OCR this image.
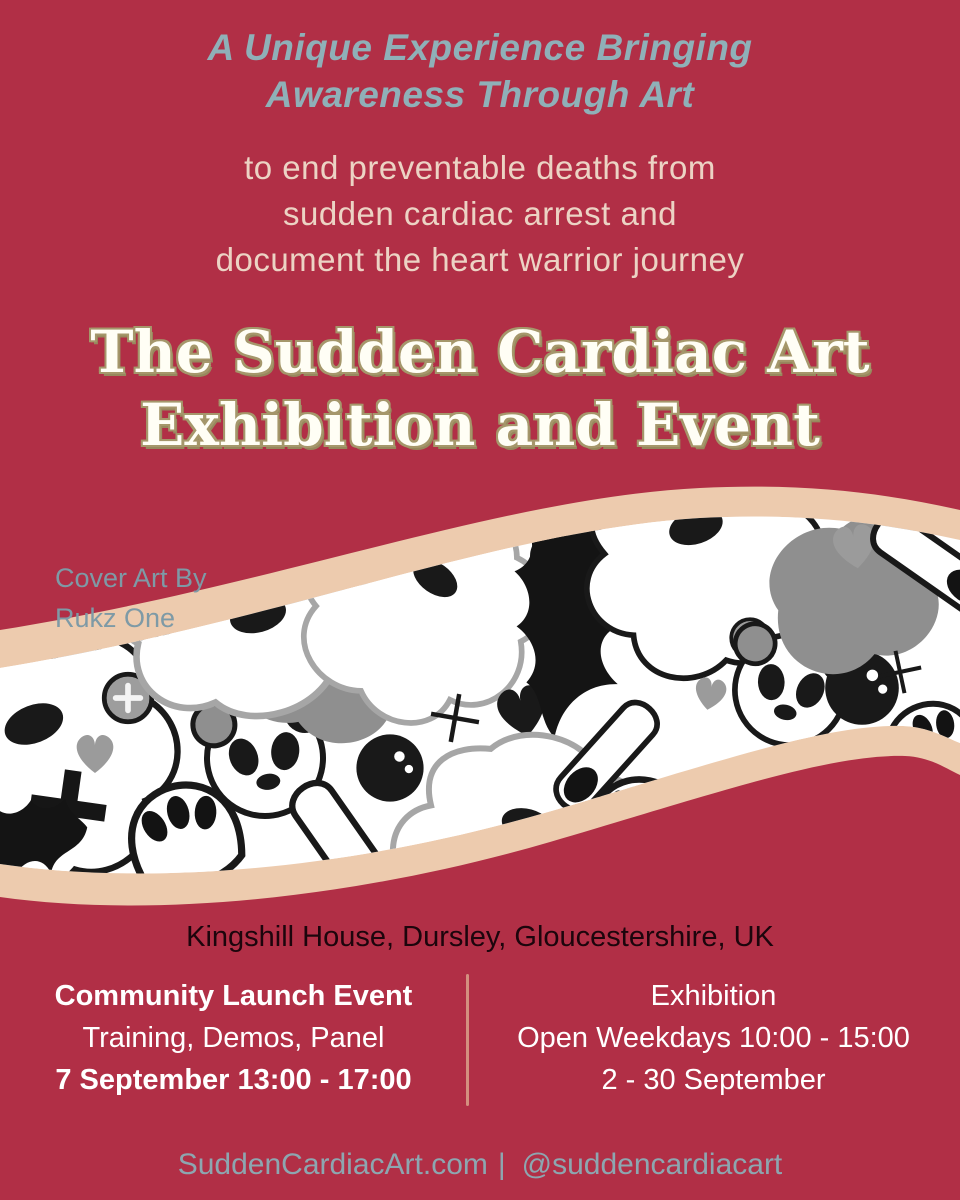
A Unique Experience Bringing
Awareness Through Art
to end preventable deaths from
sudden cardiac arrest and
document the heart warrior journey
The Sudden Cardiac Art
Exhibition and Event
Cover Art By
Rukz One
Kingshill House, Dursley, Gloucestershire, UK
Community Launch Event
Training, Demos, Panel
7 September 13:00 - 17:00
Exhibition
Open Weekdays 10:00 - 15:00
2 - 30 September
SuddenCardiacArt.com | @suddencardiacart
